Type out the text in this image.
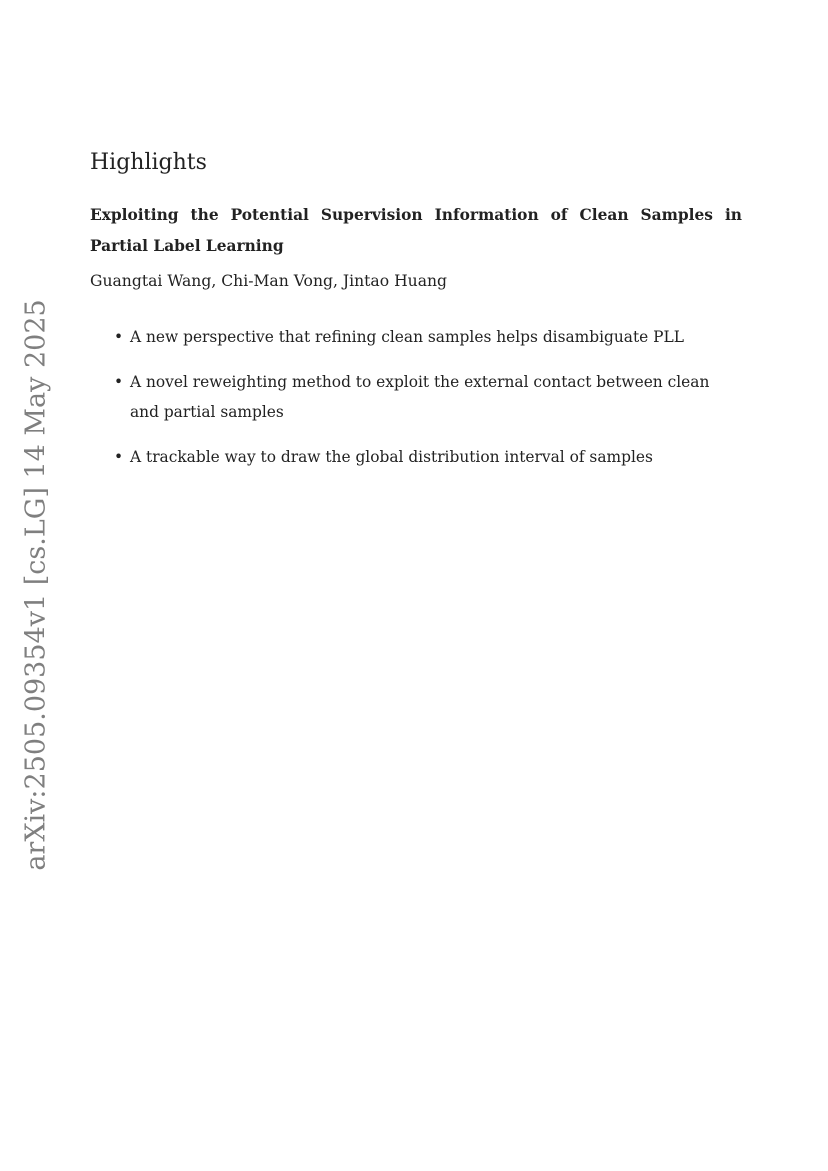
arXiv:2505.09354v1 [cs.LG] 14 May 2025
Highlights
Exploiting the Potential Supervision Information of Clean Samples in Partial Label Learning

Guangtai Wang, Chi-Man Vong, Jintao Huang

• A new perspective that refining clean samples helps disambiguate PLL
• A novel reweighting method to exploit the external contact between clean and partial samples
• A trackable way to draw the global distribution interval of samples
